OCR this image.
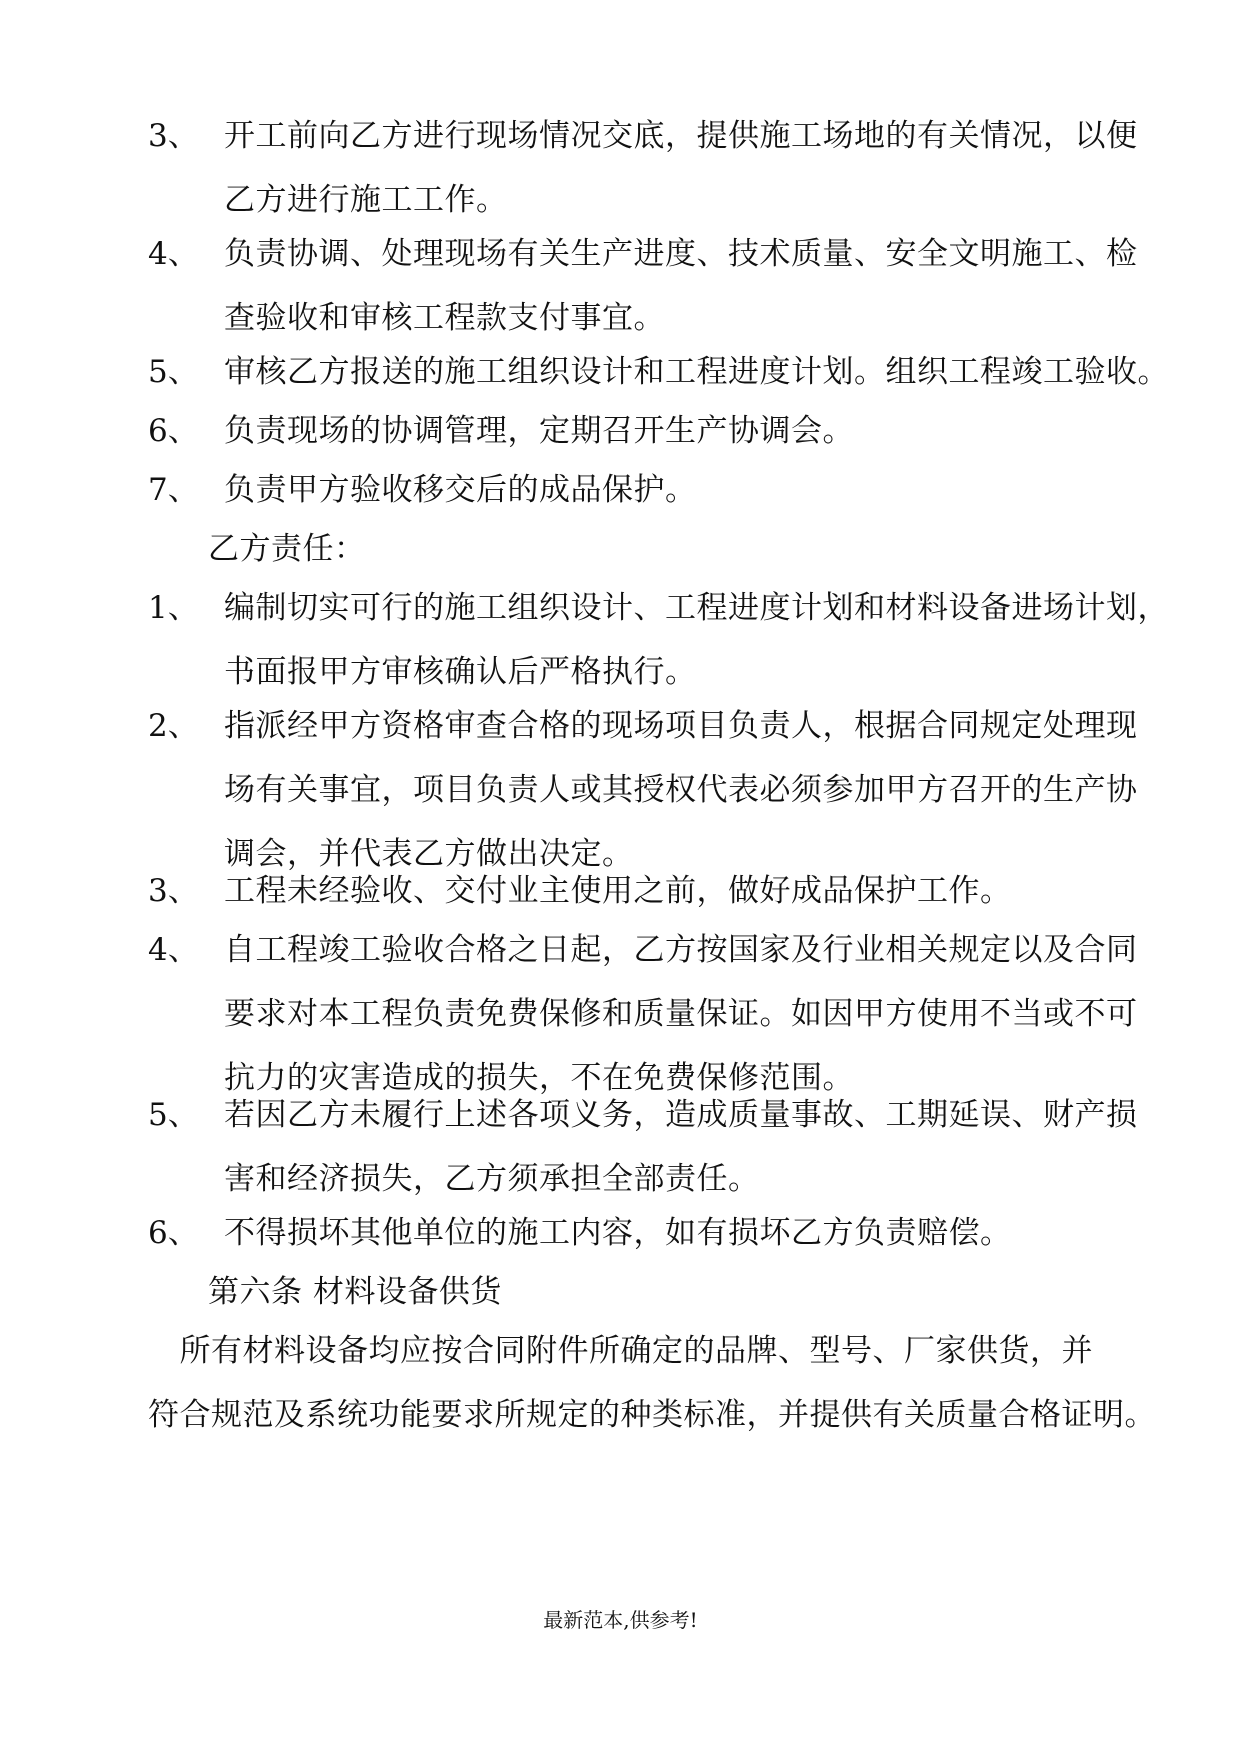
3、 开工前向乙方进行现场情况交底，提供施工场地的有关情况，以便
乙方进行施工工作。
4、 负责协调、处理现场有关生产进度、技术质量、安全文明施工、检
查验收和审核工程款支付事宜。
5、 审核乙方报送的施工组织设计和工程进度计划。组织工程竣工验收。
6、 负责现场的协调管理，定期召开生产协调会。
7、 负责甲方验收移交后的成品保护。
乙方责任：
1、 编制切实可行的施工组织设计、工程进度计划和材料设备进场计划，
书面报甲方审核确认后严格执行。
2、 指派经甲方资格审查合格的现场项目负责人，根据合同规定处理现
场有关事宜，项目负责人或其授权代表必须参加甲方召开的生产协
调会，并代表乙方做出决定。
3、 工程未经验收、交付业主使用之前，做好成品保护工作。
4、 自工程竣工验收合格之日起，乙方按国家及行业相关规定以及合同
要求对本工程负责免费保修和质量保证。如因甲方使用不当或不可
抗力的灾害造成的损失，不在免费保修范围。
5、 若因乙方未履行上述各项义务，造成质量事故、工期延误、财产损
害和经济损失，乙方须承担全部责任。
6、 不得损坏其他单位的施工内容，如有损坏乙方负责赔偿。
第六条 材料设备供货
　所有材料设备均应按合同附件所确定的品牌、型号、厂家供货，并
符合规范及系统功能要求所规定的种类标准，并提供有关质量合格证明。
最新范本,供参考!
